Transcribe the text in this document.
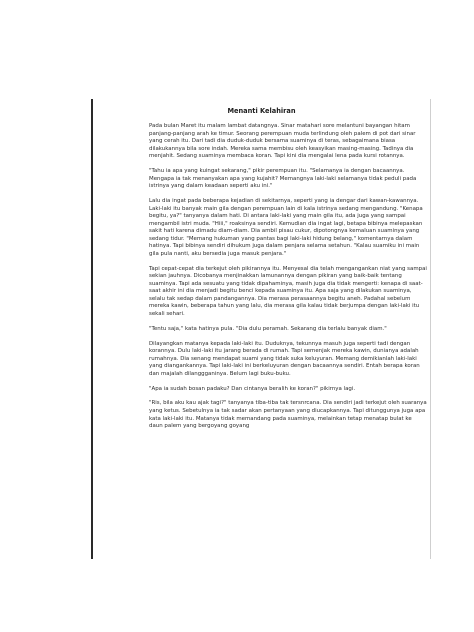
Menanti Kelahiran

Pada bulan Maret itu malam lambat datangnya. Sinar matahari sore melantuni bayangan hitam panjang-panjang arah ke timur. Seorang perempuan muda terlindung oleh palem di pot dari sinar yang cerah itu. Dari tadi dia duduk-duduk bersama suaminya di teras, sebagaimana biasa dilakukannya bila sore indah. Mereka sama membisu oleh keasyikan masing-masing. Tadinya dia menjahit. Sedang suaminya membaca koran. Tapi kini dia mengalai lena pada kursi rotannya.

"Tahu ia apa yang kuingat sekarang," pikir perempuan itu. "Selamanya ia dengan bacaannya. Mengapa ia tak menanyakan apa yang kujahit? Memangnya laki-laki selamanya tidak peduli pada istrinya yang dalam keadaan seperti aku ini."

Lalu dia ingat pada beberapa kejadian di sekitarnya, seperti yang ia dengar dari kawan-kawannya. Laki-laki itu banyak main gila dengan perempuan lain di kala istrinya sedang mengandung. "Kenapa begitu, ya?" tanyanya dalam hati. Di antara laki-laki yang main gila itu, ada juga yang sampai mengambil istri muda. "Hiii," roaksinya sendiri. Kemudian dia ingat lagi, betapa bibinya melepaskan sakit hati karena dimadu diam-diam. Dia ambil pisau cukur, dipotongnya kemaluan suaminya yang sedang tidur. "Memang hukuman yang pantas bagi laki-laki hidung belang," komentarnya dalam hatinya. Tapi bibinya sendiri dihukum juga dalam penjara selama setahun. "Kalau suamiku ini main gila pula nanti, aku bersedia juga masuk penjara."

Tapi cepat-cepat dia terkejut oleh pikirannya itu. Menyesal dia telah mengangankan niat yang sampai sekian jauhnya. Dicobanya menjinakkan lamunannya dengan pikiran yang baik-baik tentang suaminya. Tapi ada sesuatu yang tidak dipahaminya, masih juga dia tidak mengerti: kenapa di saat-saat akhir ini dia menjadi begitu benci kepada suaminya itu. Apa saja yang dilakukan suaminya, selalu tak sedap dalam pandangannya. Dia merasa perasaannya begitu aneh. Padahal sebelum mereka kawin, beberapa tahun yang lalu, dia merasa gila kalau tidak berjumpa dengan laki-laki itu sekali sehari.

"Tentu saja," kata hatinya pula. "Dia dulu peramah. Sekarang dia terlalu banyak diam."

Dilayangkan matanya kepada laki-laki itu. Duduknya, tekunnya masuh juga seperti tadi dengan korannya. Dulu laki-laki itu jarang berada di rumah. Tapi semenjak mereka kawin, dunianya adalah rumahnya. Dia senang mendapat suami yang tidak suka keluyuran. Memang demikianlah laki-laki yang diangankannya. Tapi laki-laki ini berkeluyuran dengan bacaannya sendiri. Entah berapa koran dan majalah dilanggganinya. Belum lagi buku-buku.

"Apa ia sudah bosan padaku? Dan cintanya beralih ke koran?" pikirnya lagi.

"Ris, bila aku kau ajak tagi?" tanyanya tiba-tiba tak tersnrcana. Dia sendiri jadi terkejut oleh suaranya yang ketus. Sebetulnya ia tak sadar akan pertanyaan yang diucapkannya. Tapi ditunggunya juga apa kata laki-laki itu. Matanya tidak memandang pada suaminya, melainkan tetap menatap bulat ke daun palem yang bergoyang goyang
